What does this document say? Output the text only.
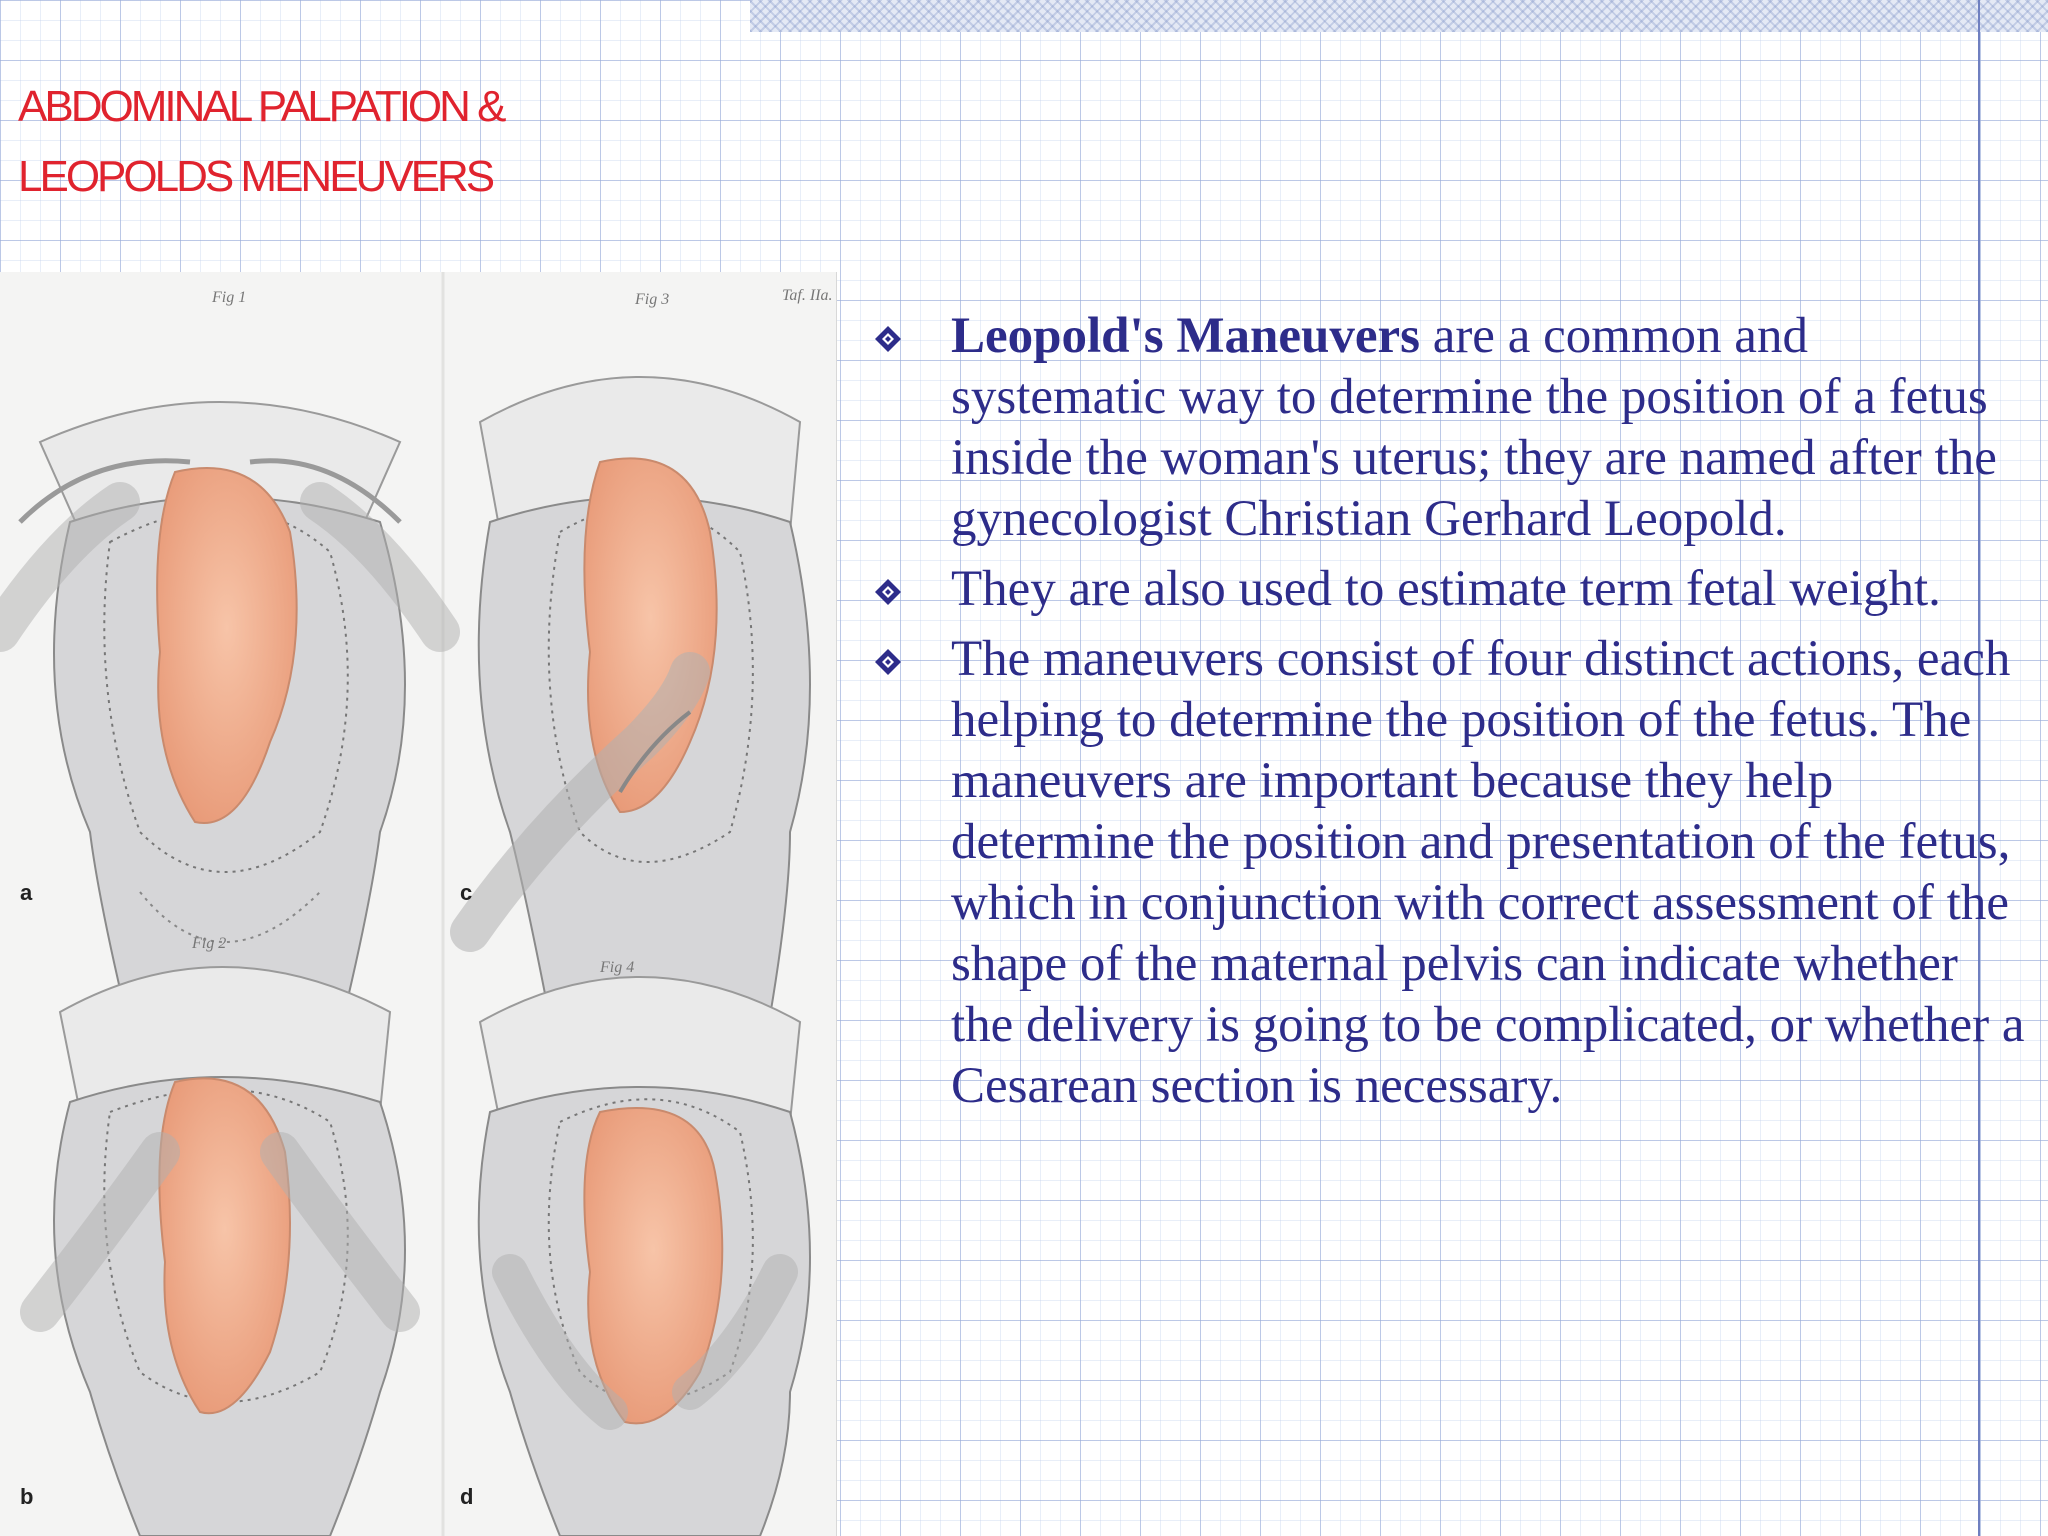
ABDOMINAL PALPATION &
LEOPOLDS MENEUVERS
Fig 1
a
Fig 3	Taf. IIa.
c
Fig 2
b
Fig 4
d
Leopold's Maneuvers are a common and systematic way to determine the position of a fetus inside the woman's uterus; they are named after the gynecologist Christian Gerhard Leopold.
They are also used to estimate term fetal weight.
The maneuvers consist of four distinct actions, each helping to determine the position of the fetus. The maneuvers are important because they help determine the position and presentation of the fetus, which in conjunction with correct assessment of the shape of the maternal pelvis can indicate whether the delivery is going to be complicated, or whether a Cesarean section is necessary.
